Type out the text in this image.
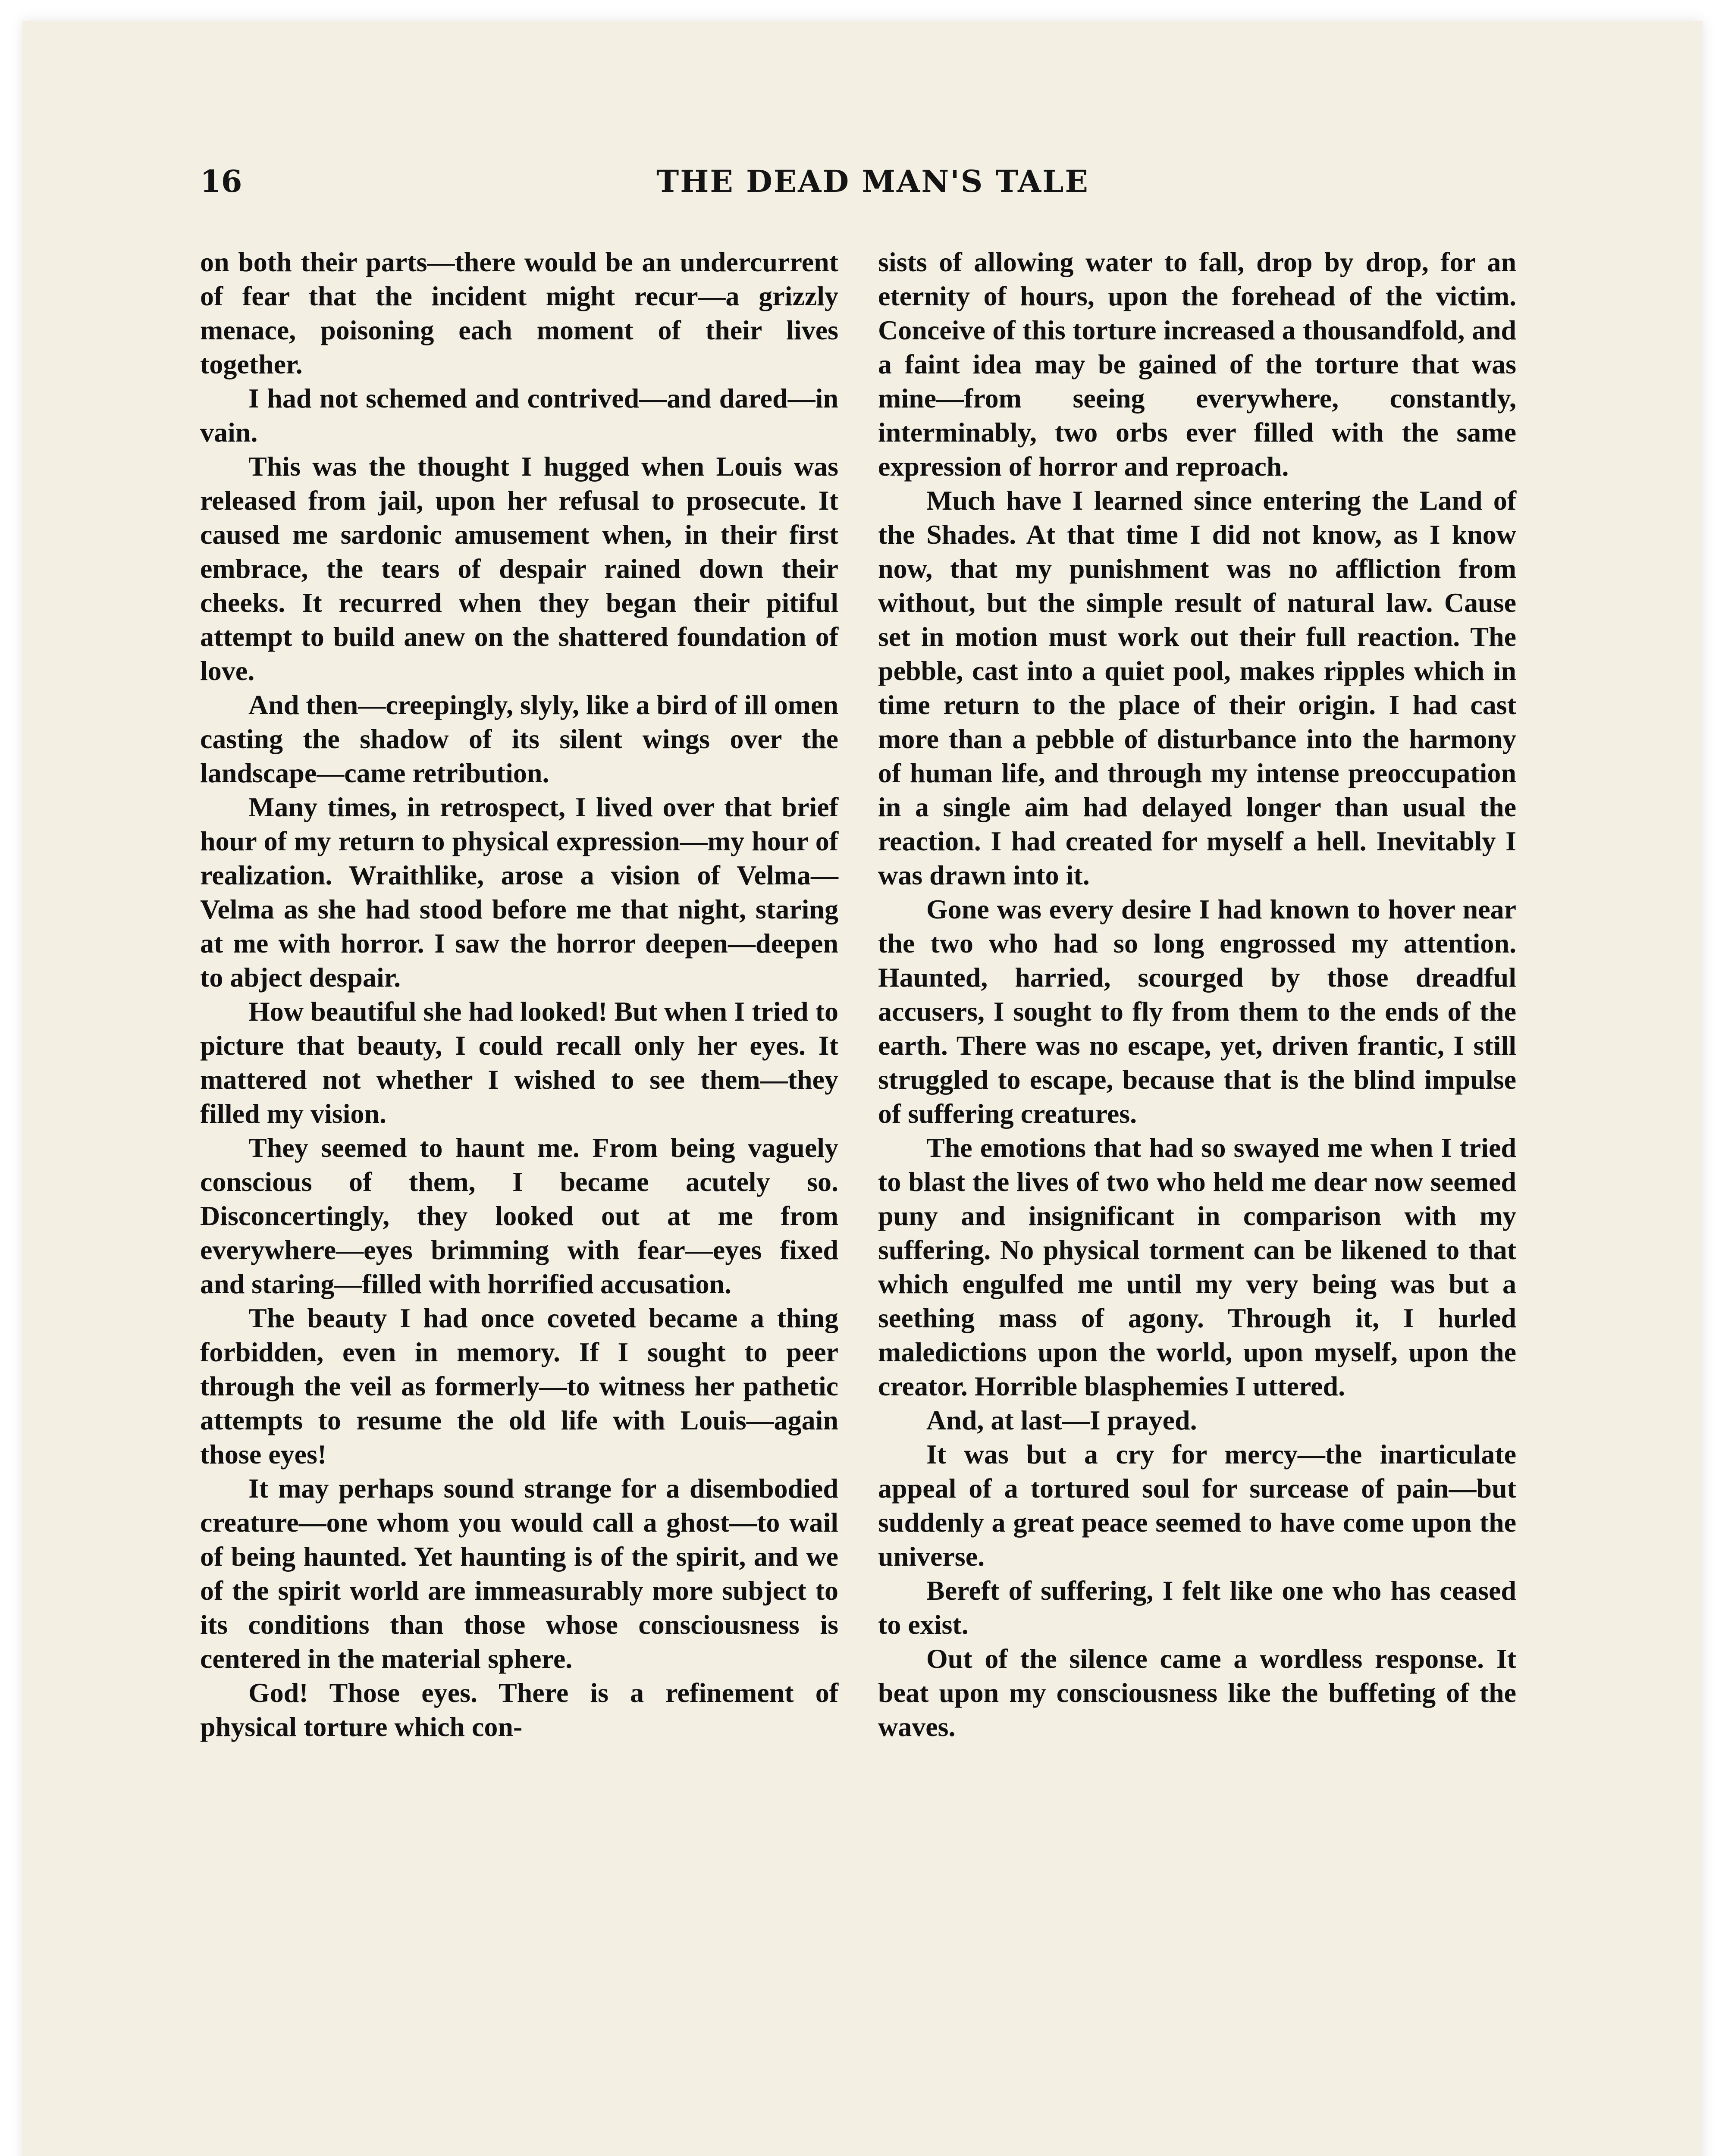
16	THE DEAD MAN'S TALE

on both their parts—there would be an undercurrent of fear that the incident might recur—a grizzly menace, poisoning each moment of their lives together.

I had not schemed and contrived—and dared—in vain.

This was the thought I hugged when Louis was released from jail, upon her refusal to prosecute. It caused me sardonic amusement when, in their first embrace, the tears of despair rained down their cheeks. It recurred when they began their pitiful attempt to build anew on the shattered foundation of love.

And then—creepingly, slyly, like a bird of ill omen casting the shadow of its silent wings over the landscape—came retribution.

Many times, in retrospect, I lived over that brief hour of my return to physical expression—my hour of realization. Wraithlike, arose a vision of Velma—Velma as she had stood before me that night, staring at me with horror. I saw the horror deepen—deepen to abject despair.

How beautiful she had looked! But when I tried to picture that beauty, I could recall only her eyes. It mattered not whether I wished to see them—they filled my vision.

They seemed to haunt me. From being vaguely conscious of them, I became acutely so. Disconcertingly, they looked out at me from everywhere—eyes brimming with fear—eyes fixed and staring—filled with horrified accusation.

The beauty I had once coveted became a thing forbidden, even in memory. If I sought to peer through the veil as formerly—to witness her pathetic attempts to resume the old life with Louis—again those eyes!

It may perhaps sound strange for a disembodied creature—one whom you would call a ghost—to wail of being haunted. Yet haunting is of the spirit, and we of the spirit world are immeasurably more subject to its conditions than those whose consciousness is centered in the material sphere.

God! Those eyes. There is a refinement of physical torture which con-

sists of allowing water to fall, drop by drop, for an eternity of hours, upon the forehead of the victim. Conceive of this torture increased a thousandfold, and a faint idea may be gained of the torture that was mine—from seeing everywhere, constantly, interminably, two orbs ever filled with the same expression of horror and reproach.

Much have I learned since entering the Land of the Shades. At that time I did not know, as I know now, that my punishment was no affliction from without, but the simple result of natural law. Cause set in motion must work out their full reaction. The pebble, cast into a quiet pool, makes ripples which in time return to the place of their origin. I had cast more than a pebble of disturbance into the harmony of human life, and through my intense preoccupation in a single aim had delayed longer than usual the reaction. I had created for myself a hell. Inevitably I was drawn into it.

Gone was every desire I had known to hover near the two who had so long engrossed my attention. Haunted, harried, scourged by those dreadful accusers, I sought to fly from them to the ends of the earth. There was no escape, yet, driven frantic, I still struggled to escape, because that is the blind impulse of suffering creatures.

The emotions that had so swayed me when I tried to blast the lives of two who held me dear now seemed puny and insignificant in comparison with my suffering. No physical torment can be likened to that which engulfed me until my very being was but a seething mass of agony. Through it, I hurled maledictions upon the world, upon myself, upon the creator. Horrible blasphemies I uttered.

And, at last—I prayed.

It was but a cry for mercy—the inarticulate appeal of a tortured soul for surcease of pain—but suddenly a great peace seemed to have come upon the universe.

Bereft of suffering, I felt like one who has ceased to exist.

Out of the silence came a wordless response. It beat upon my consciousness like the buffeting of the waves.
